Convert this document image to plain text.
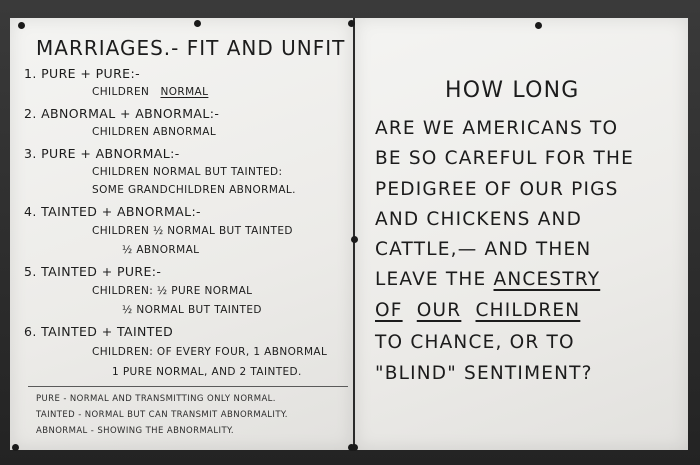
MARRIAGES.- FIT AND UNFIT
1. PURE + PURE:-
CHILDREN NORMAL
2. ABNORMAL + ABNORMAL:-
CHILDREN ABNORMAL
3. PURE + ABNORMAL:-
CHILDREN NORMAL BUT TAINTED:
SOME GRANDCHILDREN ABNORMAL.
4. TAINTED + ABNORMAL:-
CHILDREN ½ NORMAL BUT TAINTED
½ ABNORMAL
5. TAINTED + PURE:-
CHILDREN: ½ PURE NORMAL
½ NORMAL BUT TAINTED
6. TAINTED + TAINTED
CHILDREN: OF EVERY FOUR, 1 ABNORMAL
1 PURE NORMAL, AND 2 TAINTED.
PURE - NORMAL AND TRANSMITTING ONLY NORMAL.
TAINTED - NORMAL BUT CAN TRANSMIT ABNORMALITY.
ABNORMAL - SHOWING THE ABNORMALITY.
HOW LONG
ARE WE AMERICANS TO
BE SO CAREFUL FOR THE
PEDIGREE OF OUR PIGS
AND CHICKENS AND
CATTLE,— AND THEN
LEAVE THE ANCESTRY
OF OUR CHILDREN
TO CHANCE, OR TO
"BLIND" SENTIMENT?
